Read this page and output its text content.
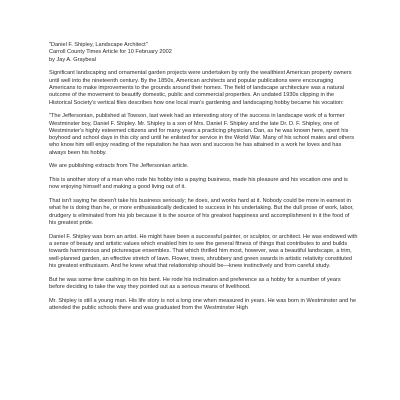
"Daniel F. Shipley, Landscape Architect"
Carroll County Times Article for 10 February 2002
by Jay A. Graybeal

Significant landscaping and ornamental garden projects were undertaken by only the wealthiest American property owners until well into the nineteenth century. By the 1850s, American architects and popular publications were encouraging Americans to make improvements to the grounds around their homes. The field of landscape architecture was a natural outcome of the movement to beautify domestic, public and commercial properties. An undated 1930s clipping in the Historical Society's vertical files describes how one local man's gardening and landscaping hobby became his vocation:

"The Jeffersonian, published at Towson, last week had an interesting story of the success in landscape work of a former Westminster boy, Daniel F. Shipley. Mr. Shipley is a son of Mrs. Daniel F. Shipley and the late Dr. D. F. Shipley, one of Westminster's highly esteemed citizens and for many years a practicing physician. Dan, as he was known here, spent his boyhood and school days in this city and until he enlisted for service in the World War. Many of his school mates and others who know him will enjoy reading of the reputation he has won and success he has attained in a work he loves and has always been his hobby.

We are publishing extracts from The Jeffersonian article.

This is another story of a man who rode his hobby into a paying business, made his pleasure and his vocation one and is now enjoying himself and making a good living out of it.

That isn't saying he doesn't take his business seriously; he does, and works hard at it. Nobody could be more in earnest in what he is doing than he, or more enthusiastically dedicated to success in his undertaking. But the dull prose of work, labor, drudgery is eliminated from his job because it is the source of his greatest happiness and accomplishment in it the food of his greatest pride.

Daniel F. Shipley was born an artist. He might have been a successful painter, or sculptor, or architect. He was endowed with a sense of beauty and artistic values which enabled him to see the general fitness of things that contributes to and builds towards harmonious and picturesque ensembles. That which thrilled him most, however, was a beautiful landscape, a trim, well-planned garden, an effective stretch of lawn. Flower, trees, shrubbery and green swards in artistic relativity constituted his greatest enthusiasm. And he knew what that relationship should be—knew instinctively and from careful study.

But he was some time cashing in on his bent. He rode his inclination and preference as a hobby for a number of years before deciding to take the way they pointed out as a serious means of livelihood.

Mr. Shipley is still a young man. His life story is not a long one when measured in years. He was born in Westminster and he attended the public schools there and was graduated from the Westminster High
